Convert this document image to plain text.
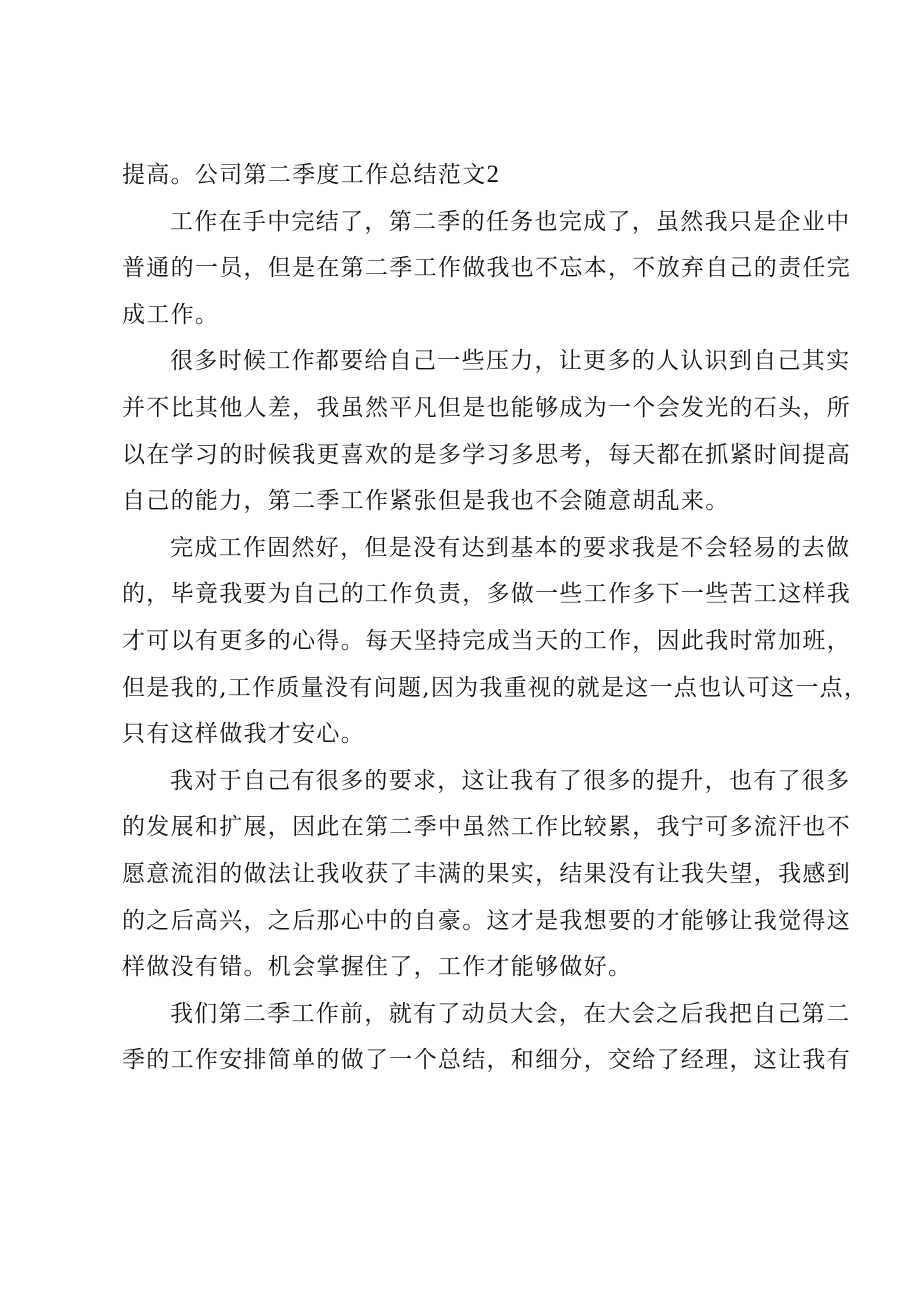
提高。公司第二季度工作总结范文2
工作在手中完结了，第二季的任务也完成了，虽然我只是企业中
普通的一员，但是在第二季工作做我也不忘本，不放弃自己的责任完
成工作。
很多时候工作都要给自己一些压力，让更多的人认识到自己其实
并不比其他人差，我虽然平凡但是也能够成为一个会发光的石头，所
以在学习的时候我更喜欢的是多学习多思考，每天都在抓紧时间提高
自己的能力，第二季工作紧张但是我也不会随意胡乱来。
完成工作固然好，但是没有达到基本的要求我是不会轻易的去做
的，毕竟我要为自己的工作负责，多做一些工作多下一些苦工这样我
才可以有更多的心得。每天坚持完成当天的工作，因此我时常加班，
但是我的,工作质量没有问题,因为我重视的就是这一点也认可这一点，
只有这样做我才安心。
我对于自己有很多的要求，这让我有了很多的提升，也有了很多
的发展和扩展，因此在第二季中虽然工作比较累，我宁可多流汗也不
愿意流泪的做法让我收获了丰满的果实，结果没有让我失望，我感到
的之后高兴，之后那心中的自豪。这才是我想要的才能够让我觉得这
样做没有错。机会掌握住了，工作才能够做好。
我们第二季工作前，就有了动员大会，在大会之后我把自己第二
季的工作安排简单的做了一个总结，和细分，交给了经理，这让我有
